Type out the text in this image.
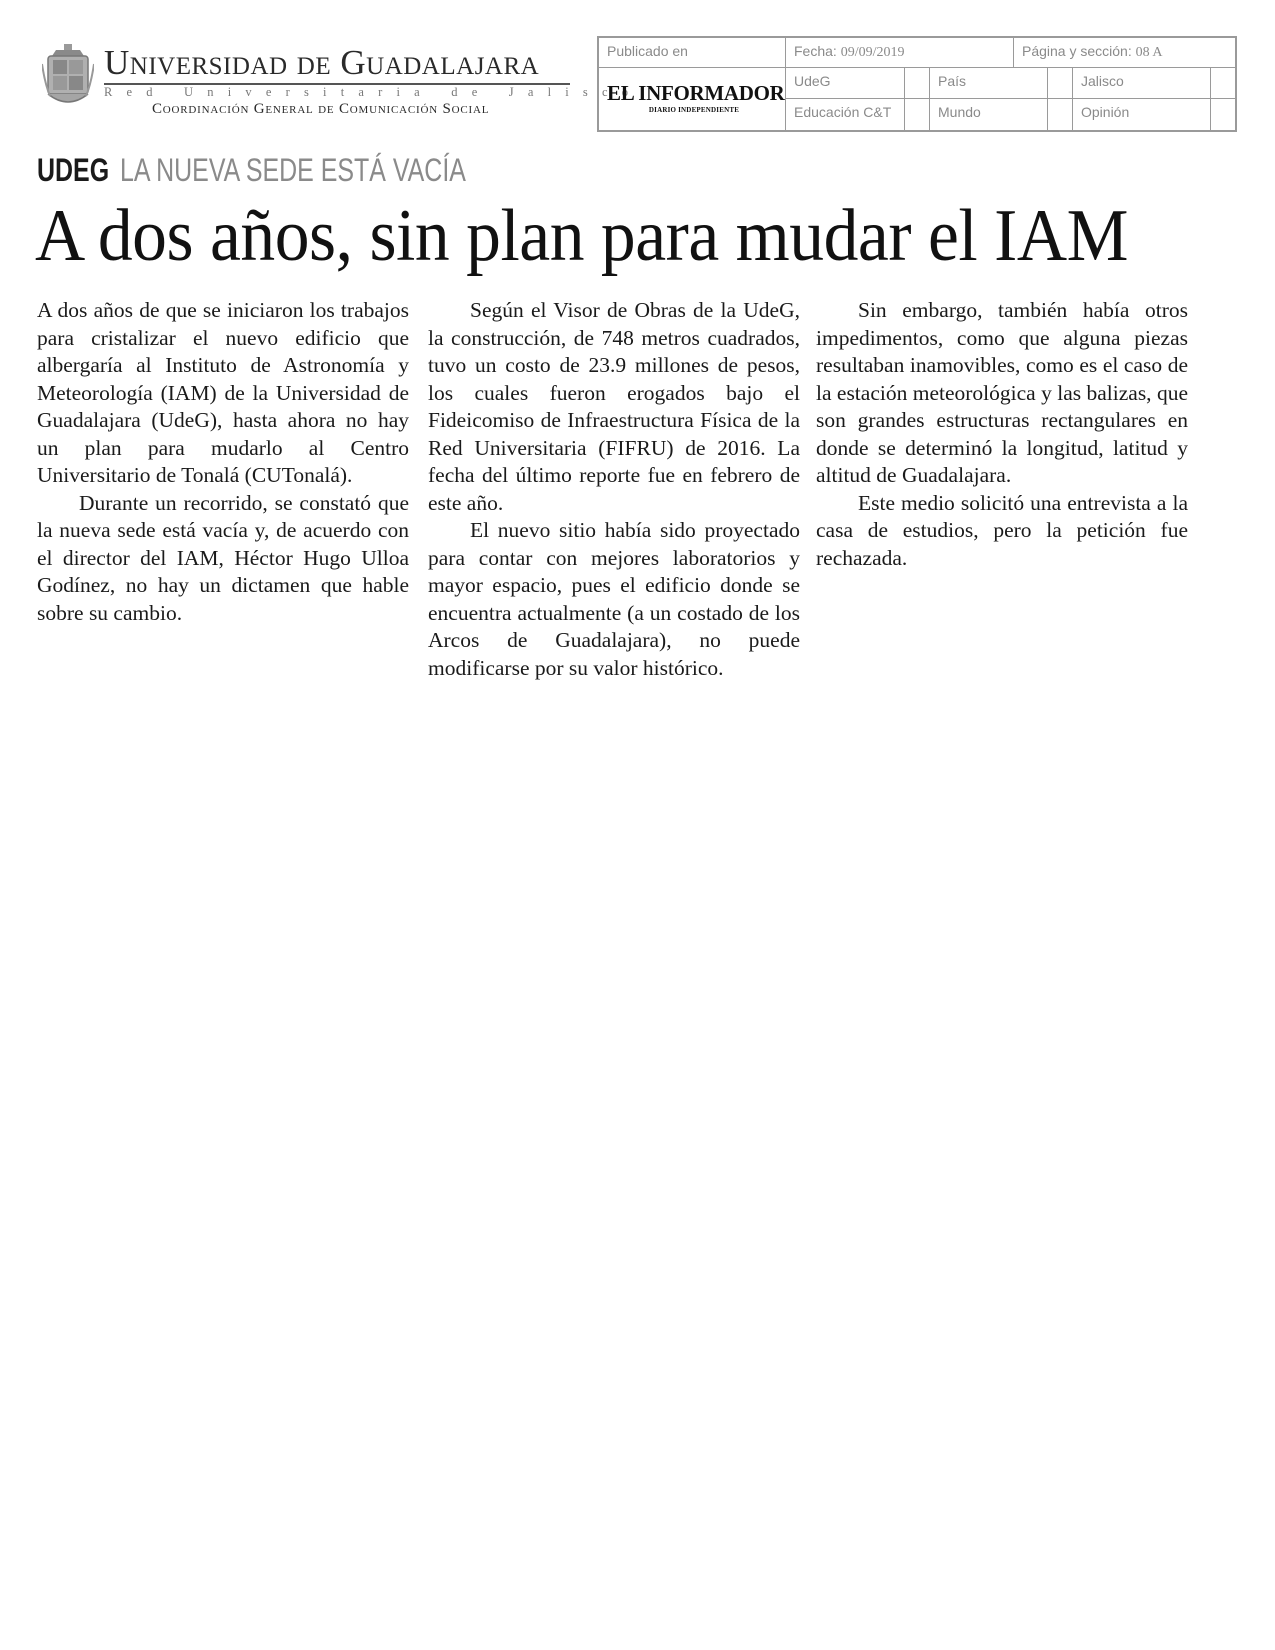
Universidad de Guadalajara
Red Universitaria de Jalisco
Coordinación General de Comunicación Social
Publicado en	Fecha: 09/09/2019	Página y sección: 08 A
EL INFORMADOR
DIARIO INDEPENDIENTE
UdeG	País	Jalisco
Educación C&T	Mundo	Opinión
UDEG LA NUEVA SEDE ESTÁ VACÍA
A dos años, sin plan para mudar el IAM

A dos años de que se iniciaron los trabajos para cristalizar el nuevo edificio que albergaría al Instituto de Astronomía y Meteorología (IAM) de la Universidad de Guadalajara (UdeG), hasta ahora no hay un plan para mudarlo al Centro Universitario de Tonalá (CUTonalá).

Durante un recorrido, se constató que la nueva sede está vacía y, de acuerdo con el director del IAM, Héctor Hugo Ulloa Godínez, no hay un dictamen que hable sobre su cambio.

Según el Visor de Obras de la UdeG, la construcción, de 748 metros cuadrados, tuvo un costo de 23.9 millones de pesos, los cuales fueron erogados bajo el Fideicomiso de Infraestructura Física de la Red Universitaria (FIFRU) de 2016. La fecha del último reporte fue en febrero de este año.

El nuevo sitio había sido proyectado para contar con mejores laboratorios y mayor espacio, pues el edificio donde se encuentra actualmente (a un costado de los Arcos de Guadalajara), no puede modificarse por su valor histórico.

Sin embargo, también había otros impedimentos, como que alguna piezas resultaban inamovibles, como es el caso de la estación meteorológica y las balizas, que son grandes estructuras rectangulares en donde se determinó la longitud, latitud y altitud de Guadalajara.

Este medio solicitó una entrevista a la casa de estudios, pero la petición fue rechazada.
